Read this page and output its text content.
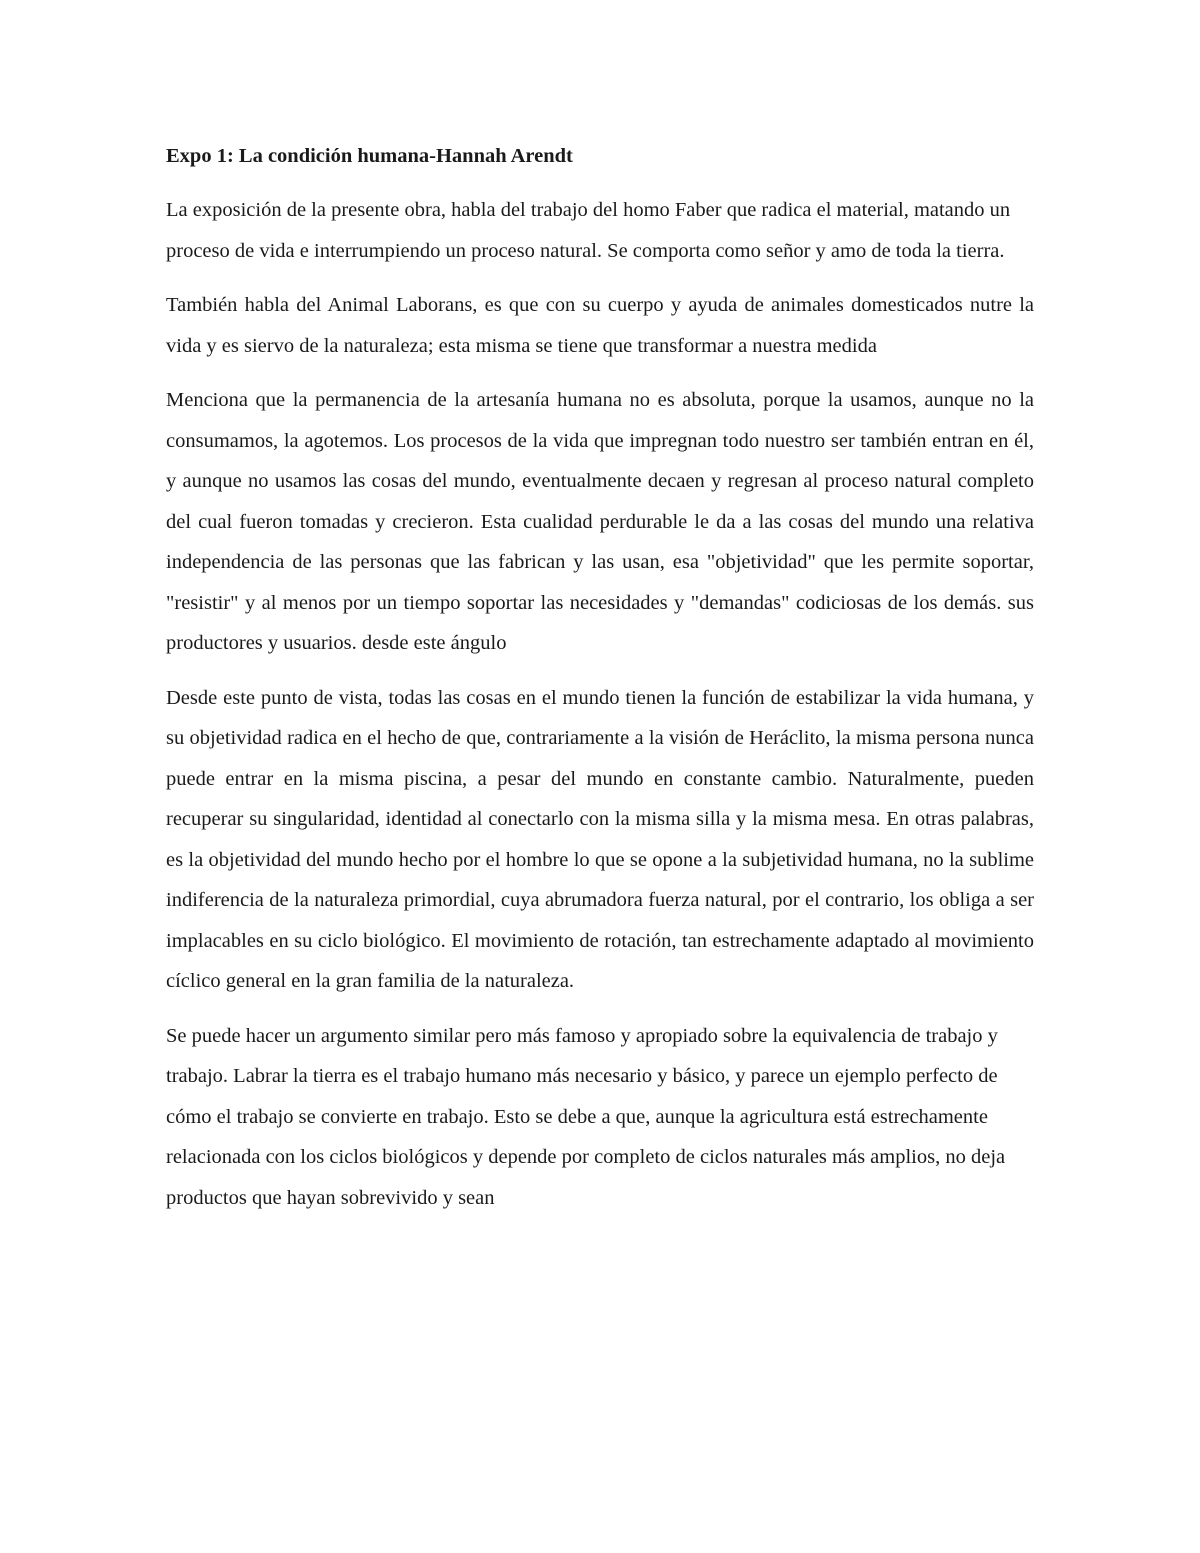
Expo 1: La condición humana-Hannah Arendt

La exposición de la presente obra, habla del trabajo del homo Faber que radica el material, matando un proceso de vida e interrumpiendo un proceso natural. Se comporta como señor y amo de toda la tierra.

También habla del Animal Laborans, es que con su cuerpo y ayuda de animales domesticados nutre la vida y es siervo de la naturaleza; esta misma se tiene que transformar a nuestra medida

Menciona que la permanencia de la artesanía humana no es absoluta, porque la usamos, aunque no la consumamos, la agotemos. Los procesos de la vida que impregnan todo nuestro ser también entran en él, y aunque no usamos las cosas del mundo, eventualmente decaen y regresan al proceso natural completo del cual fueron tomadas y crecieron. Esta cualidad perdurable le da a las cosas del mundo una relativa independencia de las personas que las fabrican y las usan, esa "objetividad" que les permite soportar, "resistir" y al menos por un tiempo soportar las necesidades y "demandas" codiciosas de los demás. sus productores y usuarios. desde este ángulo

Desde este punto de vista, todas las cosas en el mundo tienen la función de estabilizar la vida humana, y su objetividad radica en el hecho de que, contrariamente a la visión de Heráclito, la misma persona nunca puede entrar en la misma piscina, a pesar del mundo en constante cambio. Naturalmente, pueden recuperar su singularidad, identidad al conectarlo con la misma silla y la misma mesa. En otras palabras, es la objetividad del mundo hecho por el hombre lo que se opone a la subjetividad humana, no la sublime indiferencia de la naturaleza primordial, cuya abrumadora fuerza natural, por el contrario, los obliga a ser implacables en su ciclo biológico. El movimiento de rotación, tan estrechamente adaptado al movimiento cíclico general en la gran familia de la naturaleza.

Se puede hacer un argumento similar pero más famoso y apropiado sobre la equivalencia de trabajo y trabajo. Labrar la tierra es el trabajo humano más necesario y básico, y parece un ejemplo perfecto de cómo el trabajo se convierte en trabajo. Esto se debe a que, aunque la agricultura está estrechamente relacionada con los ciclos biológicos y depende por completo de ciclos naturales más amplios, no deja productos que hayan sobrevivido y sean
